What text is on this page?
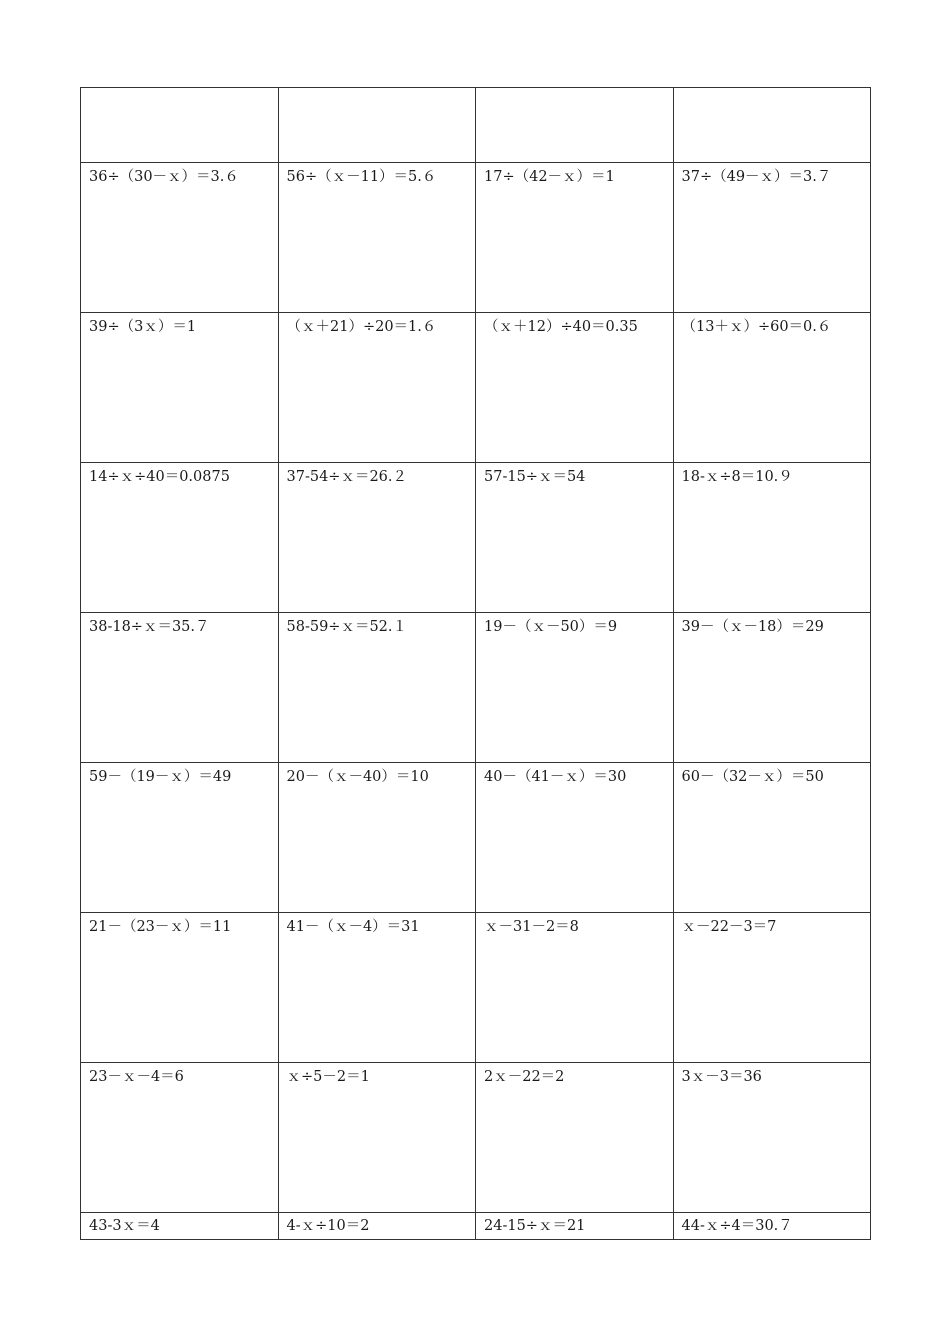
36÷（30－ｘ）＝3.６	56÷（ｘ－11）＝5.６	17÷（42－ｘ）＝1	37÷（49－ｘ）＝3.７
39÷（3ｘ）＝1	（ｘ＋21）÷20＝1.６	（ｘ＋12）÷40＝0.35	（13＋ｘ）÷60＝0.６
14÷ｘ÷40＝0.0875	37-54÷ｘ＝26.２	57-15÷ｘ＝54	18-ｘ÷8＝10.９
38-18÷ｘ＝35.７	58-59÷ｘ＝52.１	19－（ｘ－50）＝9	39－（ｘ－18）＝29
59－（19－ｘ）＝49	20－（ｘ－40）＝10	40－（41－ｘ）＝30	60－（32－ｘ）＝50
21－（23－ｘ）＝11	41－（ｘ－4）＝31	ｘ－31－2＝8	ｘ－22－3＝7
23－ｘ－4＝6	ｘ÷5－2＝1	2ｘ－22＝2	3ｘ－3＝36
43-3ｘ＝4	4-ｘ÷10＝2	24-15÷ｘ＝21	44-ｘ÷4＝30.７
